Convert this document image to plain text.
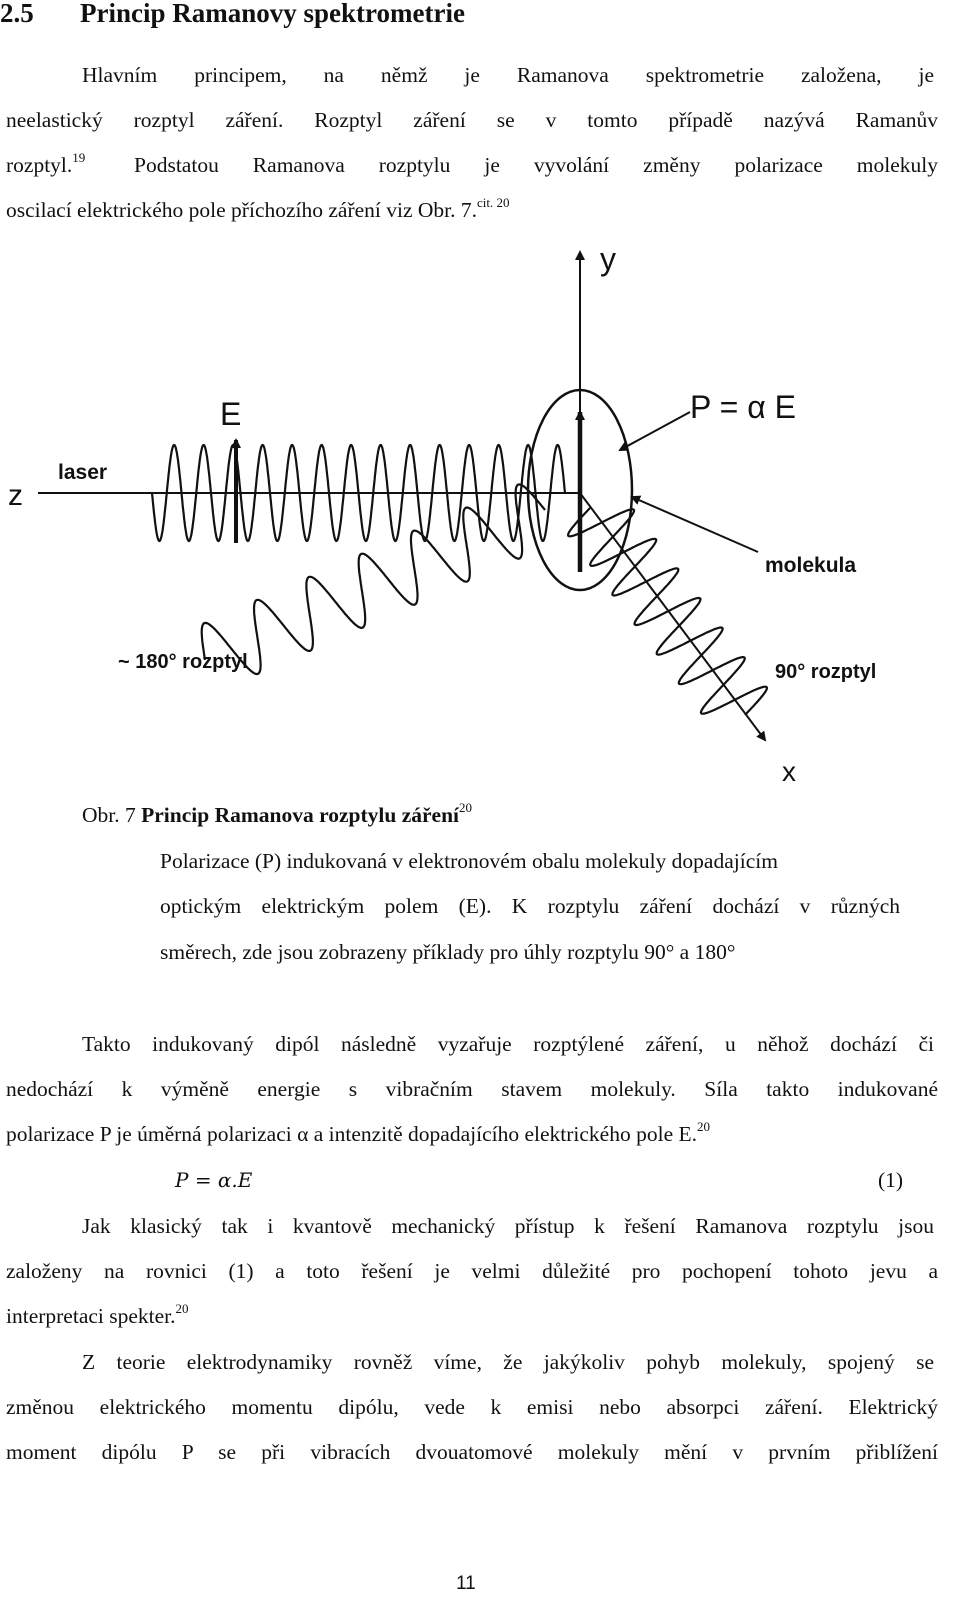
2.5 Princip Ramanovy spektrometrie
Hlavním principem, na němž je Ramanova spektrometrie založena, je
neelastický rozptyl záření. Rozptyl záření se v tomto případě nazývá Ramanův
rozptyl.$^{19}$ Podstatou Ramanova rozptylu je vyvolání změny polarizace molekuly
oscilací elektrického pole příchozího záření viz Obr. 7.$^{cit. 20}$
y
x
z
E
laser
P = α E
molekula
~ 180° rozptyl	90° rozptyl
Obr. 7 Princip Ramanova rozptylu záření$^{20}$
Polarizace (P) indukovaná v elektronovém obalu molekuly dopadajícím
optickým elektrickým polem (E). K rozptylu záření dochází v různých
směrech, zde jsou zobrazeny příklady pro úhly rozptylu 90° a 180°
Takto indukovaný dipól následně vyzařuje rozptýlené záření, u něhož dochází či
nedochází k výměně energie s vibračním stavem molekuly. Síla takto indukované
polarizace P je úměrná polarizaci α a intenzitě dopadajícího elektrického pole E.$^{20}$
P = α.E	(1)
Jak klasický tak i kvantově mechanický přístup k řešení Ramanova rozptylu jsou
založeny na rovnici (1) a toto řešení je velmi důležité pro pochopení tohoto jevu a
interpretaci spekter.$^{20}$
Z teorie elektrodynamiky rovněž víme, že jakýkoliv pohyb molekuly, spojený se
změnou elektrického momentu dipólu, vede k emisi nebo absorpci záření. Elektrický
moment dipólu P se při vibracích dvouatomové molekuly mění v prvním přiblížení
11
